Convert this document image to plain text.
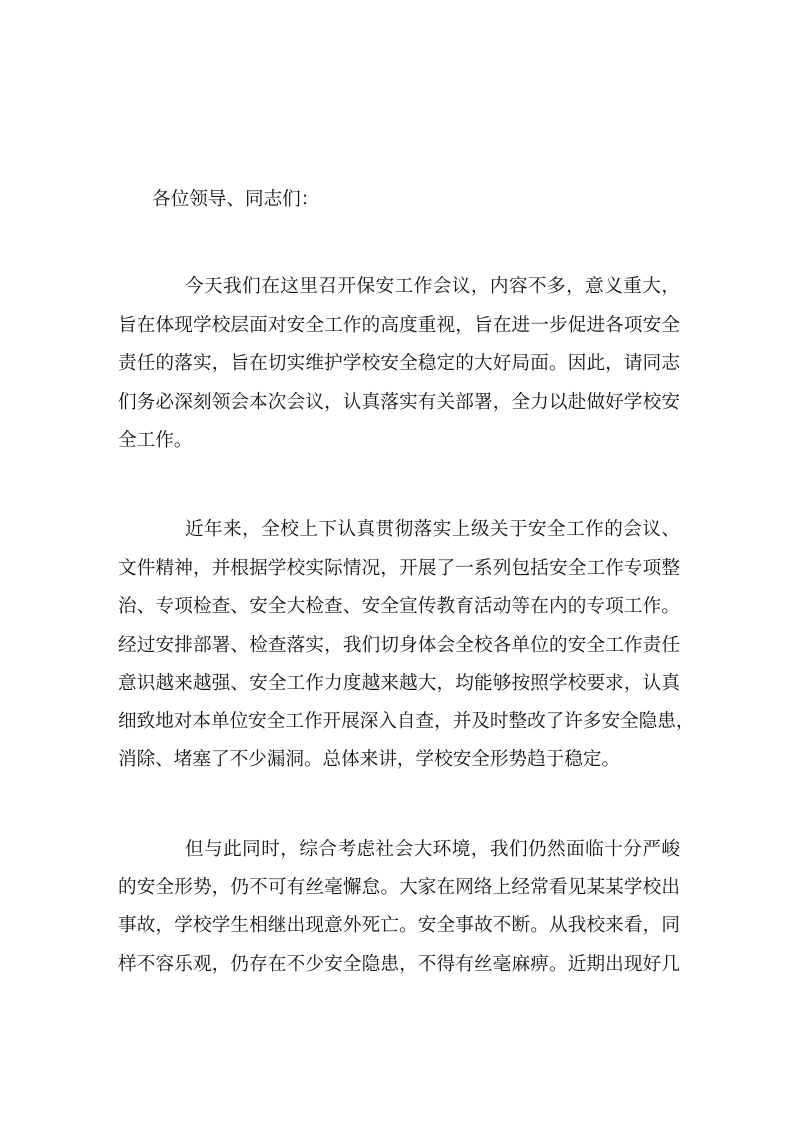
各位领导、同志们：
今天我们在这里召开保安工作会议，内容不多，意义重大，
旨在体现学校层面对安全工作的高度重视，旨在进一步促进各项安全
责任的落实，旨在切实维护学校安全稳定的大好局面。因此，请同志
们务必深刻领会本次会议，认真落实有关部署，全力以赴做好学校安
全工作。
近年来，全校上下认真贯彻落实上级关于安全工作的会议、
文件精神，并根据学校实际情况，开展了一系列包括安全工作专项整
治、专项检查、安全大检查、安全宣传教育活动等在内的专项工作。
经过安排部署、检查落实，我们切身体会全校各单位的安全工作责任
意识越来越强、安全工作力度越来越大，均能够按照学校要求，认真
细致地对本单位安全工作开展深入自查，并及时整改了许多安全隐患，
消除、堵塞了不少漏洞。总体来讲，学校安全形势趋于稳定。
但与此同时，综合考虑社会大环境，我们仍然面临十分严峻
的安全形势，仍不可有丝毫懈怠。大家在网络上经常看见某某学校出
事故，学校学生相继出现意外死亡。安全事故不断。从我校来看，同
样不容乐观，仍存在不少安全隐患，不得有丝毫麻痹。近期出现好几
